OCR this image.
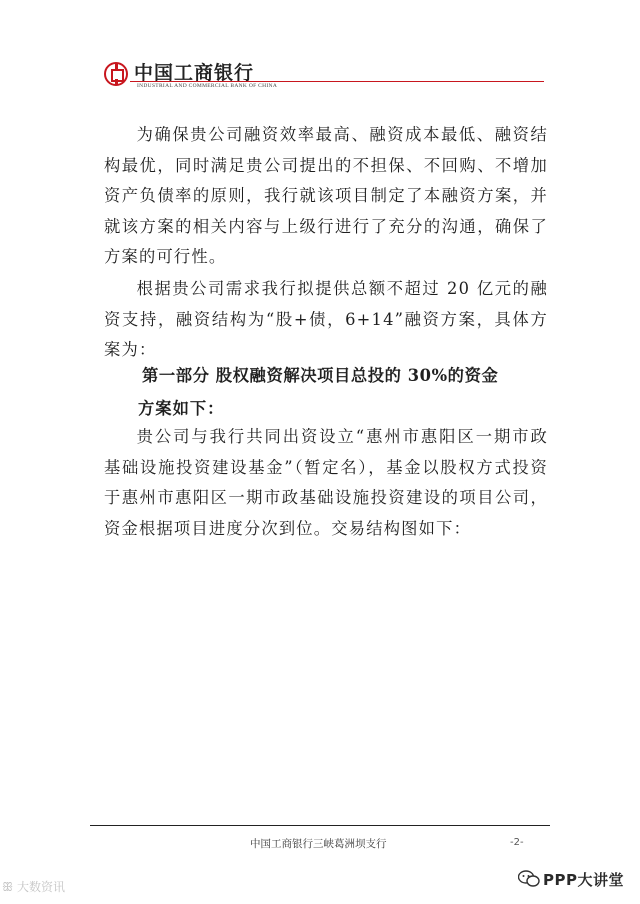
中国工商银行
INDUSTRIAL AND COMMERCIAL BANK OF CHINA

为确保贵公司融资效率最高、融资成本最低、融资结构最优，同时满足贵公司提出的不担保、不回购、不增加资产负债率的原则，我行就该项目制定了本融资方案，并就该方案的相关内容与上级行进行了充分的沟通，确保了方案的可行性。

根据贵公司需求我行拟提供总额不超过 20 亿元的融资支持，融资结构为“股+债，6+14”融资方案，具体方案为：

第一部分 股权融资解决项目总投的 30%的资金

方案如下：

贵公司与我行共同出资设立“惠州市惠阳区一期市政基础设施投资建设基金”（暂定名），基金以股权方式投资于惠州市惠阳区一期市政基础设施投资建设的项目公司，资金根据项目进度分次到位。交易结构图如下：

中国工商银行三峡葛洲坝支行	-2-
ꕥ 大数资讯	PPP大讲堂
